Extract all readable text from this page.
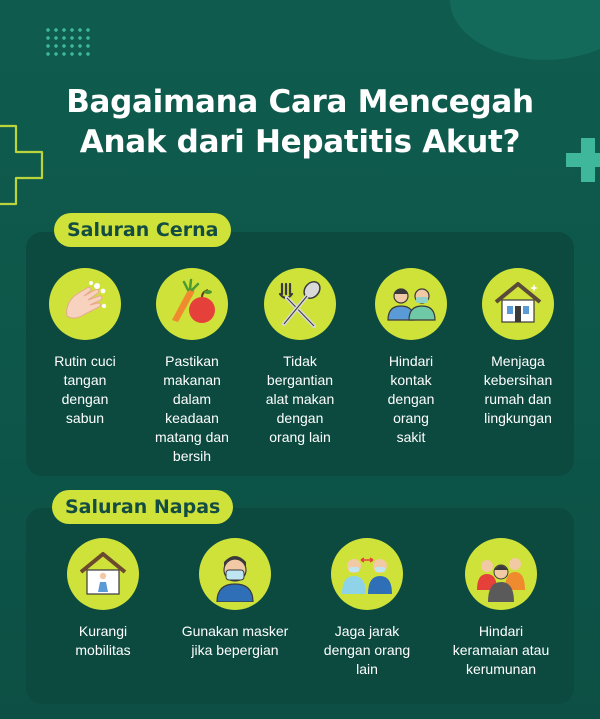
Bagaimana Cara Mencegah
Anak dari Hepatitis Akut?
Saluran Cerna
Rutin cuci
tangan
dengan
sabun
Pastikan
makanan
dalam
keadaan
matang dan
bersih
Tidak
bergantian
alat makan
dengan
orang lain
Hindari
kontak
dengan
orang
sakit
Menjaga
kebersihan
rumah dan
lingkungan
Saluran Napas
Kurangi
mobilitas
Gunakan masker
jika bepergian
Jaga jarak
dengan orang
lain
Hindari
keramaian atau
kerumunan
